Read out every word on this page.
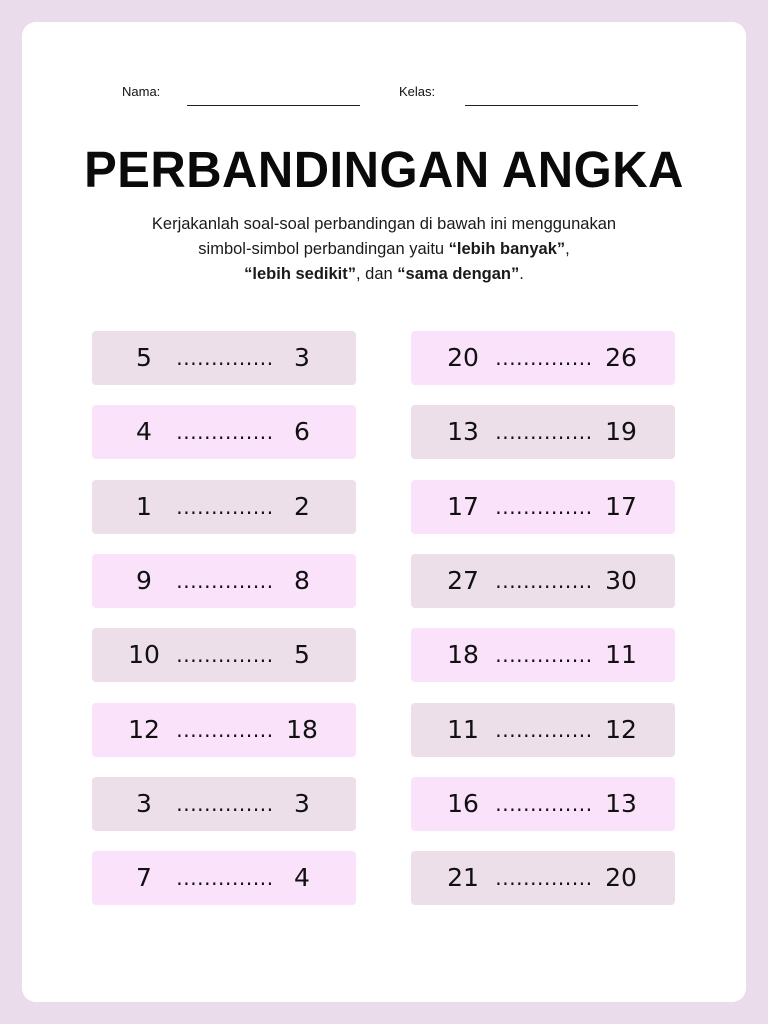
Nama:	Kelas:
PERBANDINGAN ANGKA
Kerjakanlah soal-soal perbandingan di bawah ini menggunakan
simbol-simbol perbandingan yaitu “lebih banyak”,
“lebih sedikit”, dan “sama dengan”.
5	.............. 3
4	.............. 6
1	.............. 2
9	.............. 8
10 .............. 5
12 .............. 18
3	.............. 3
7	.............. 4
20 .............. 26
13 .............. 19
17 .............. 17
27 .............. 30
18 .............. 11
11 .............. 12
16 .............. 13
21 .............. 20
